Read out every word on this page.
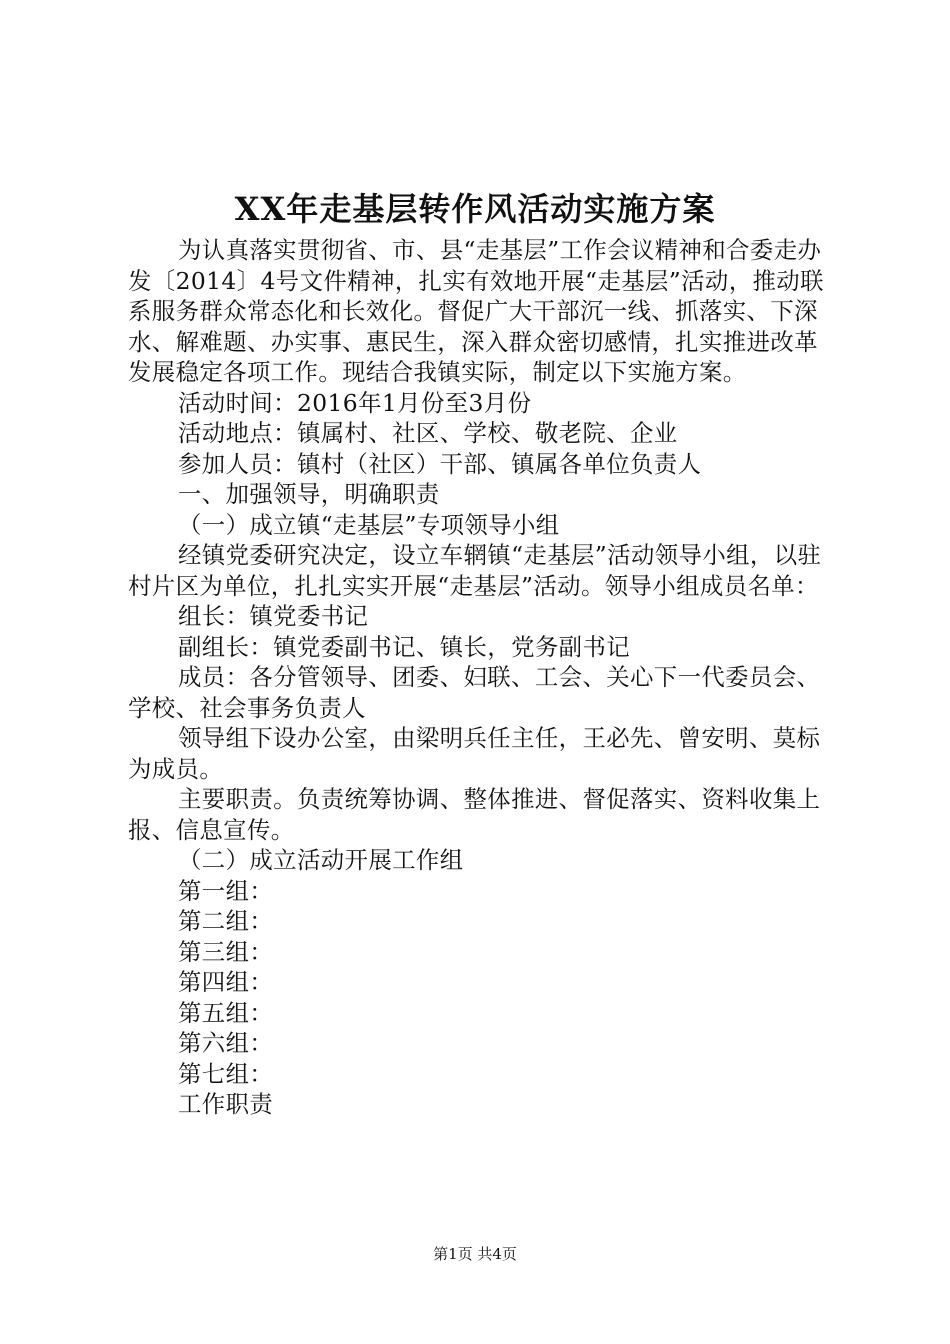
XX年走基层转作风活动实施方案

为认真落实贯彻省、市、县“走基层”工作会议精神和合委走办发〔2014〕4号文件精神，扎实有效地开展“走基层”活动，推动联系服务群众常态化和长效化。督促广大干部沉一线、抓落实、下深水、解难题、办实事、惠民生，深入群众密切感情，扎实推进改革发展稳定各项工作。现结合我镇实际，制定以下实施方案。

活动时间：2016年1月份至3月份

活动地点：镇属村、社区、学校、敬老院、企业

参加人员：镇村（社区）干部、镇属各单位负责人

一、加强领导，明确职责

（一）成立镇“走基层”专项领导小组

经镇党委研究决定，设立车辋镇“走基层”活动领导小组，以驻村片区为单位，扎扎实实开展“走基层”活动。领导小组成员名单：

组长：镇党委书记

副组长：镇党委副书记、镇长，党务副书记

成员：各分管领导、团委、妇联、工会、关心下一代委员会、学校、社会事务负责人

领导组下设办公室，由梁明兵任主任，王必先、曾安明、莫标为成员。

主要职责。负责统筹协调、整体推进、督促落实、资料收集上报、信息宣传。

（二）成立活动开展工作组

第一组：

第二组：

第三组：

第四组：

第五组：

第六组：

第七组：

工作职责

第1页 共4页
